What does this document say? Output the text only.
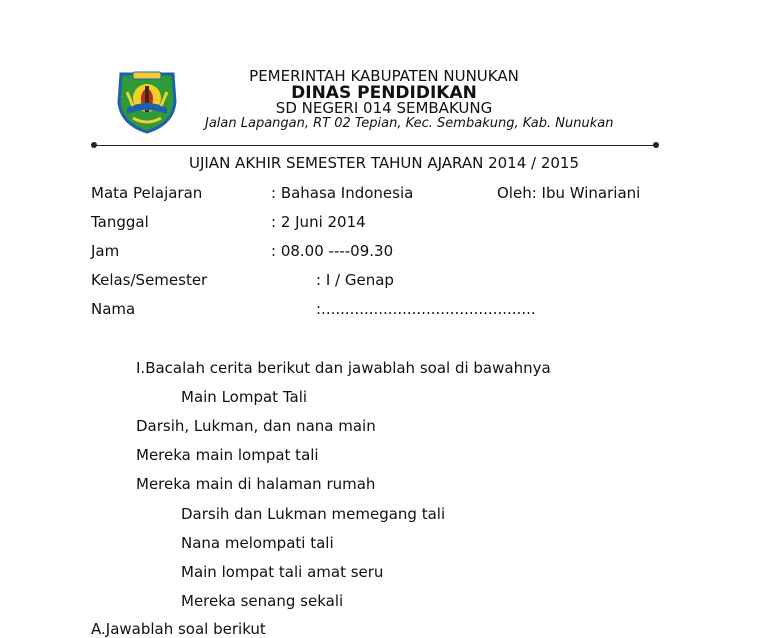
PEMERINTAH KABUPATEN NUNUKAN
DINAS PENDIDIKAN
SD NEGERI 014 SEMBAKUNG
Jalan Lapangan, RT 02 Tepian, Kec. Sembakung, Kab. Nunukan
UJIAN AKHIR SEMESTER TAHUN AJARAN 2014 / 2015
Mata Pelajaran	: Bahasa Indonesia	Oleh: Ibu Winariani
Tanggal	: 2 Juni 2014
Jam	: 08.00 ----09.30
Kelas/Semester	: I / Genap
Nama	:.............................................
I.Bacalah cerita berikut dan jawablah soal di bawahnya
Main Lompat Tali
Darsih, Lukman, dan nana main
Mereka main lompat tali
Mereka main di halaman rumah
Darsih dan Lukman memegang tali
Nana melompati tali
Main lompat tali amat seru
Mereka senang sekali
A.Jawablah soal berikut
